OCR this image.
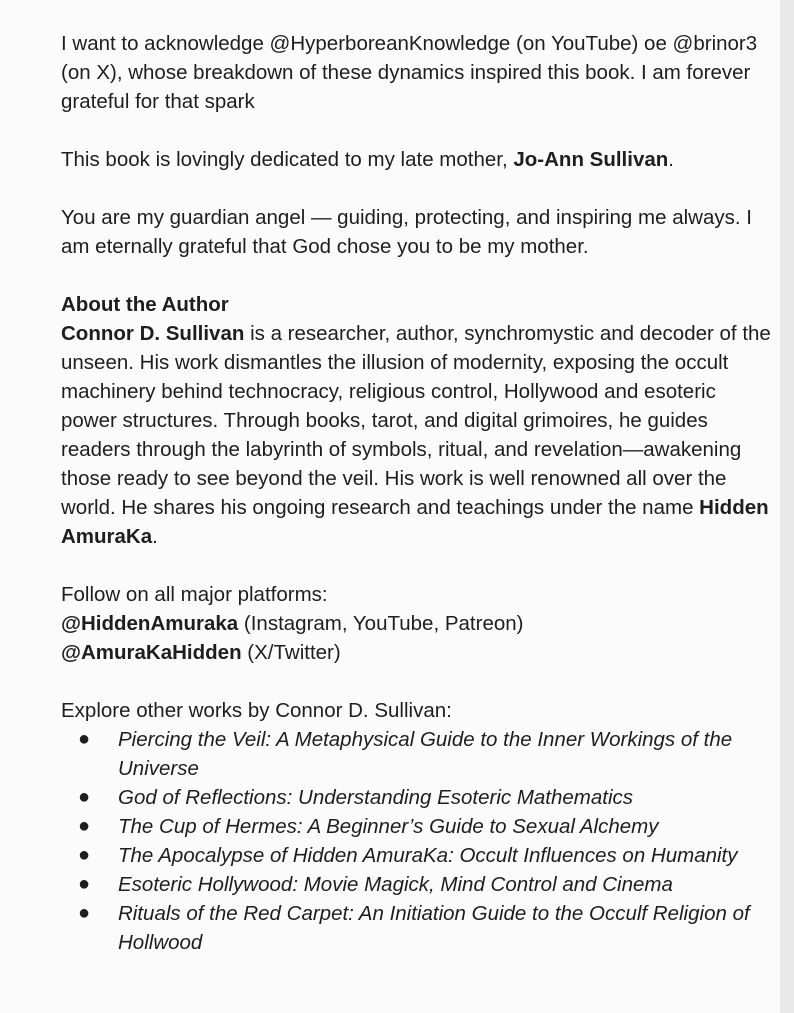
I want to acknowledge @HyperboreanKnowledge (on YouTube) oe @brinor3 (on X), whose breakdown of these dynamics inspired this book. I am forever grateful for that spark

This book is lovingly dedicated to my late mother, Jo-Ann Sullivan.

You are my guardian angel — guiding, protecting, and inspiring me always. I am eternally grateful that God chose you to be my mother.

About the Author
Connor D. Sullivan is a researcher, author, synchromystic and decoder of the unseen. His work dismantles the illusion of modernity, exposing the occult machinery behind technocracy, religious control, Hollywood and esoteric power structures. Through books, tarot, and digital grimoires, he guides readers through the labyrinth of symbols, ritual, and revelation—awakening those ready to see beyond the veil. His work is well renowned all over the world. He shares his ongoing research and teachings under the name Hidden AmuraKa.
Follow on all major platforms:
@HiddenAmuraka (Instagram, YouTube, Patreon)
@AmuraKaHidden (X/Twitter)
Explore other works by Connor D. Sullivan:
● Piercing the Veil: A Metaphysical Guide to the Inner Workings of the Universe
● God of Reflections: Understanding Esoteric Mathematics
● The Cup of Hermes: A Beginner’s Guide to Sexual Alchemy
● The Apocalypse of Hidden AmuraKa: Occult Influences on Humanity
● Esoteric Hollywood: Movie Magick, Mind Control and Cinema
● Rituals of the Red Carpet: An Initiation Guide to the Occulf Religion of Hollwood
